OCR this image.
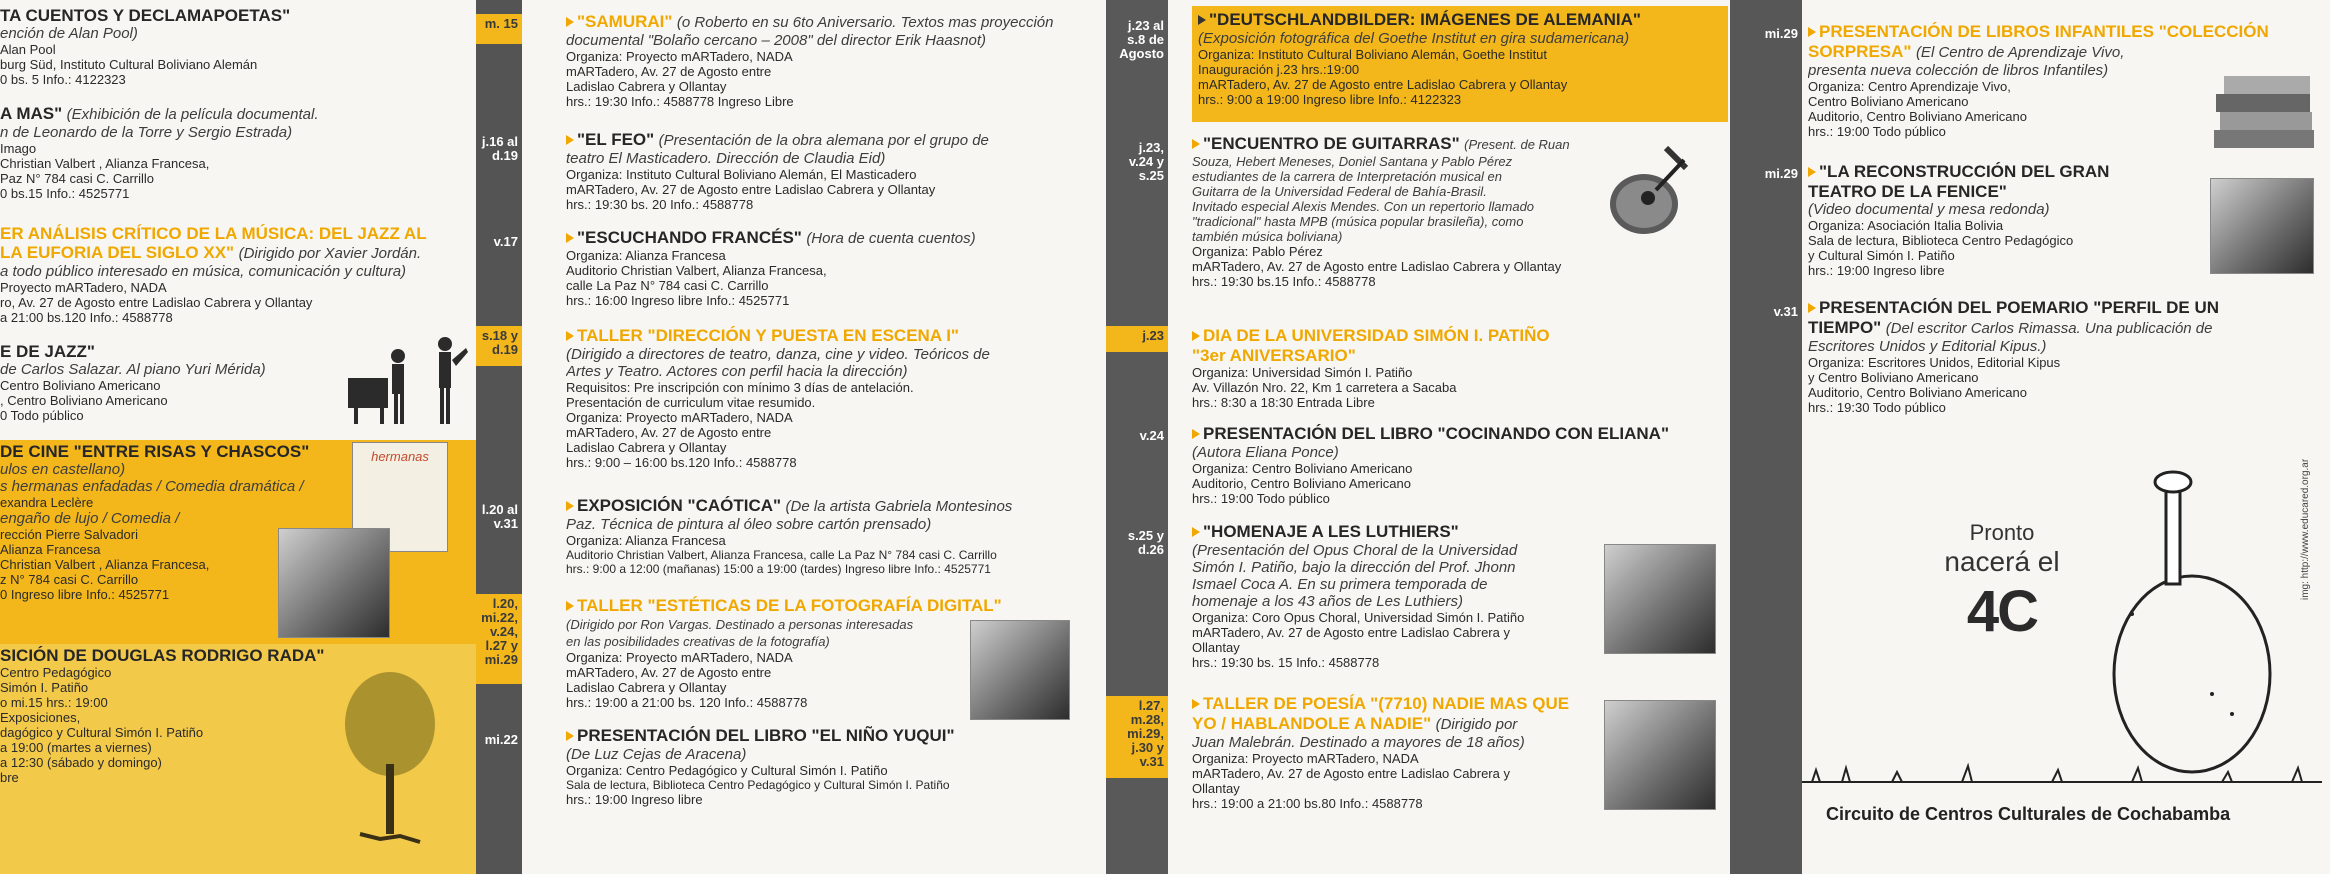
TA CUENTOS Y DECLAMAPOETAS"
ención de Alan Pool)
Alan Pool
burg Süd, Instituto Cultural Boliviano Alemán
0 bs. 5 Info.: 4122323
A MAS" (Exhibición de la película documental.
n de Leonardo de la Torre y Sergio Estrada)
Imago
Christian Valbert , Alianza Francesa,
Paz N° 784 casi C. Carrillo
0 bs.15 Info.: 4525771
ER ANÁLISIS CRÍTICO DE LA MÚSICA: DEL JAZZ AL
LA EUFORIA DEL SIGLO XX" (Dirigido por Xavier Jordán.
a todo público interesado en música, comunicación y cultura)
Proyecto mARTadero, NADA
ro, Av. 27 de Agosto entre Ladislao Cabrera y Ollantay
a 21:00 bs.120 Info.: 4588778
E DE JAZZ"
de Carlos Salazar. Al piano Yuri Mérida)
Centro Boliviano Americano
, Centro Boliviano Americano
0 Todo público
DE CINE "ENTRE RISAS Y CHASCOS"
ulos en castellano)
s hermanas enfadadas / Comedia dramática /
exandra Leclère
engaño de lujo / Comedia /
rección Pierre Salvadori
Alianza Francesa
Christian Valbert , Alianza Francesa,
z N° 784 casi C. Carrillo
0 Ingreso libre Info.: 4525771
hermanas
SICIÓN DE DOUGLAS RODRIGO RADA"
Centro Pedagógico
Simón I. Patiño
o mi.15 hrs.: 19:00
Exposiciones,
dagógico y Cultural Simón I. Patiño
a 19:00 (martes a viernes)
a 12:30 (sábado y domingo)
bre
m. 15
j.16 al
d.19
v.17
s.18 y
d.19
l.20 al
v.31
l.20,
mi.22,
v.24,
l.27 y
mi.29
mi.22
"SAMURAI" (o Roberto en su 6to Aniversario. Textos mas proyección
documental "Bolaño cercano – 2008" del director Erik Haasnot)
Organiza: Proyecto mARTadero, NADA
mARTadero, Av. 27 de Agosto entre
Ladislao Cabrera y Ollantay
hrs.: 19:30 Info.: 4588778 Ingreso Libre
"EL FEO" (Presentación de la obra alemana por el grupo de
teatro El Masticadero. Dirección de Claudia Eid)
Organiza: Instituto Cultural Boliviano Alemán, El Masticadero
mARTadero, Av. 27 de Agosto entre Ladislao Cabrera y Ollantay
hrs.: 19:30 bs. 20 Info.: 4588778
"ESCUCHANDO FRANCÉS" (Hora de cuenta cuentos)
Organiza: Alianza Francesa
Auditorio Christian Valbert, Alianza Francesa,
calle La Paz N° 784 casi C. Carrillo
hrs.: 16:00 Ingreso libre Info.: 4525771
TALLER "DIRECCIÓN Y PUESTA EN ESCENA I"
(Dirigido a directores de teatro, danza, cine y video. Teóricos de
Artes y Teatro. Actores con perfil hacia la dirección)
Requisitos: Pre inscripción con mínimo 3 días de antelación.
Presentación de curriculum vitae resumido.
Organiza: Proyecto mARTadero, NADA
mARTadero, Av. 27 de Agosto entre
Ladislao Cabrera y Ollantay
hrs.: 9:00 – 16:00 bs.120 Info.: 4588778
EXPOSICIÓN "CAÓTICA" (De la artista Gabriela Montesinos
Paz. Técnica de pintura al óleo sobre cartón prensado)
Organiza: Alianza Francesa
Auditorio Christian Valbert, Alianza Francesa, calle La Paz N° 784 casi C. Carrillo
hrs.: 9:00 a 12:00 (mañanas) 15:00 a 19:00 (tardes) Ingreso libre Info.: 4525771
TALLER "ESTÉTICAS DE LA FOTOGRAFÍA DIGITAL"
(Dirigido por Ron Vargas. Destinado a personas interesadas
en las posibilidades creativas de la fotografía)
Organiza: Proyecto mARTadero, NADA
mARTadero, Av. 27 de Agosto entre
Ladislao Cabrera y Ollantay
hrs.: 19:00 a 21:00 bs. 120 Info.: 4588778
PRESENTACIÓN DEL LIBRO "EL NIÑO YUQUI"
(De Luz Cejas de Aracena)
Organiza: Centro Pedagógico y Cultural Simón I. Patiño
Sala de lectura, Biblioteca Centro Pedagógico y Cultural Simón I. Patiño
hrs.: 19:00 Ingreso libre
j.23 al
s.8 de
Agosto
j.23,
v.24 y
s.25
j.23
v.24
s.25 y
d.26
l.27,
m.28,
mi.29,
j.30 y
v.31
"DEUTSCHLANDBILDER: IMÁGENES DE ALEMANIA"
(Exposición fotográfica del Goethe Institut en gira sudamericana)
Organiza: Instituto Cultural Boliviano Alemán, Goethe Institut
Inauguración j.23 hrs.:19:00
mARTadero, Av. 27 de Agosto entre Ladislao Cabrera y Ollantay
hrs.: 9:00 a 19:00 Ingreso libre Info.: 4122323
"ENCUENTRO DE GUITARRAS" (Present. de Ruan
Souza, Hebert Meneses, Doniel Santana y Pablo Pérez
estudiantes de la carrera de Interpretación musical en
Guitarra de la Universidad Federal de Bahía-Brasil.
Invitado especial Alexis Mendes. Con un repertorio llamado
"tradicional" hasta MPB (música popular brasileña), como
también música boliviana)
Organiza: Pablo Pérez
mARTadero, Av. 27 de Agosto entre Ladislao Cabrera y Ollantay
hrs.: 19:30 bs.15 Info.: 4588778
DIA DE LA UNIVERSIDAD SIMÓN I. PATIÑO
"3er ANIVERSARIO"
Organiza: Universidad Simón I. Patiño
Av. Villazón Nro. 22, Km 1 carretera a Sacaba
hrs.: 8:30 a 18:30 Entrada Libre
PRESENTACIÓN DEL LIBRO "COCINANDO CON ELIANA"
(Autora Eliana Ponce)
Organiza: Centro Boliviano Americano
Auditorio, Centro Boliviano Americano
hrs.: 19:00 Todo público
"HOMENAJE A LES LUTHIERS"
(Presentación del Opus Choral de la Universidad
Simón I. Patiño, bajo la dirección del Prof. Jhonn
Ismael Coca A. En su primera temporada de
homenaje a los 43 años de Les Luthiers)
Organiza: Coro Opus Choral, Universidad Simón I. Patiño
mARTadero, Av. 27 de Agosto entre Ladislao Cabrera y
Ollantay
hrs.: 19:30 bs. 15 Info.: 4588778
TALLER DE POESÍA "(7710) NADIE MAS QUE
YO / HABLANDOLE A NADIE" (Dirigido por
Juan Malebrán. Destinado a mayores de 18 años)
Organiza: Proyecto mARTadero, NADA
mARTadero, Av. 27 de Agosto entre Ladislao Cabrera y
Ollantay
hrs.: 19:00 a 21:00 bs.80 Info.: 4588778
mi.29
mi.29
v.31
PRESENTACIÓN DE LIBROS INFANTILES "COLECCIÓN
SORPRESA" (El Centro de Aprendizaje Vivo,
presenta nueva colección de libros Infantiles)
Organiza: Centro Aprendizaje Vivo,
Centro Boliviano Americano
Auditorio, Centro Boliviano Americano
hrs.: 19:00 Todo público
"LA RECONSTRUCCIÓN DEL GRAN
TEATRO DE LA FENICE"
(Video documental y mesa redonda)
Organiza: Asociación Italia Bolivia
Sala de lectura, Biblioteca Centro Pedagógico
y Cultural Simón I. Patiño
hrs.: 19:00 Ingreso libre
PRESENTACIÓN DEL POEMARIO "PERFIL DE UN
TIEMPO" (Del escritor Carlos Rimassa. Una publicación de
Escritores Unidos y Editorial Kipus.)
Organiza: Escritores Unidos, Editorial Kipus
y Centro Boliviano Americano
Auditorio, Centro Boliviano Americano
hrs.: 19:30 Todo público
Pronto
nacerá el
4C
Circuito de Centros Culturales de Cochabamba
img: http://www.educared.org.ar
